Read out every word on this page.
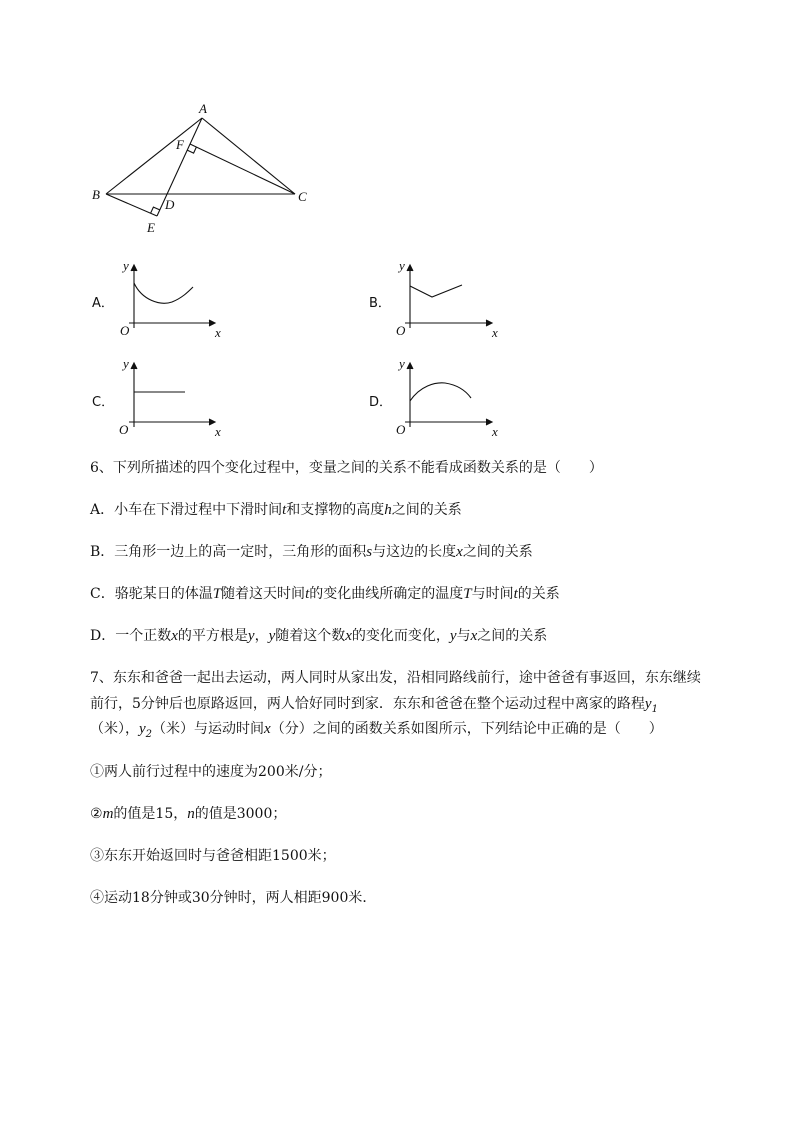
A
F
B	C
D
E
A．
y
O	x
B．
y
O	x
C．
y
O	x
D．
y
O	x
6、下列所描述的四个变化过程中，变量之间的关系不能看成函数关系的是（　　）
A．小车在下滑过程中下滑时间t和支撑物的高度h之间的关系
B．三角形一边上的高一定时，三角形的面积s与这边的长度x之间的关系
C．骆驼某日的体温T随着这天时间t的变化曲线所确定的温度T与时间t的关系
D．一个正数x的平方根是y，y随着这个数x的变化而变化，y与x之间的关系
7、东东和爸爸一起出去运动，两人同时从家出发，沿相同路线前行，途中爸爸有事返回，东东继续
前行，5分钟后也原路返回，两人恰好同时到家．东东和爸爸在整个运动过程中离家的路程$y_1$
（米），$y_2$（米）与运动时间x（分）之间的函数关系如图所示，下列结论中正确的是（　　）
①两人前行过程中的速度为200米/分；
②m的值是15，n的值是3000；
③东东开始返回时与爸爸相距1500米；
④运动18分钟或30分钟时，两人相距900米．
